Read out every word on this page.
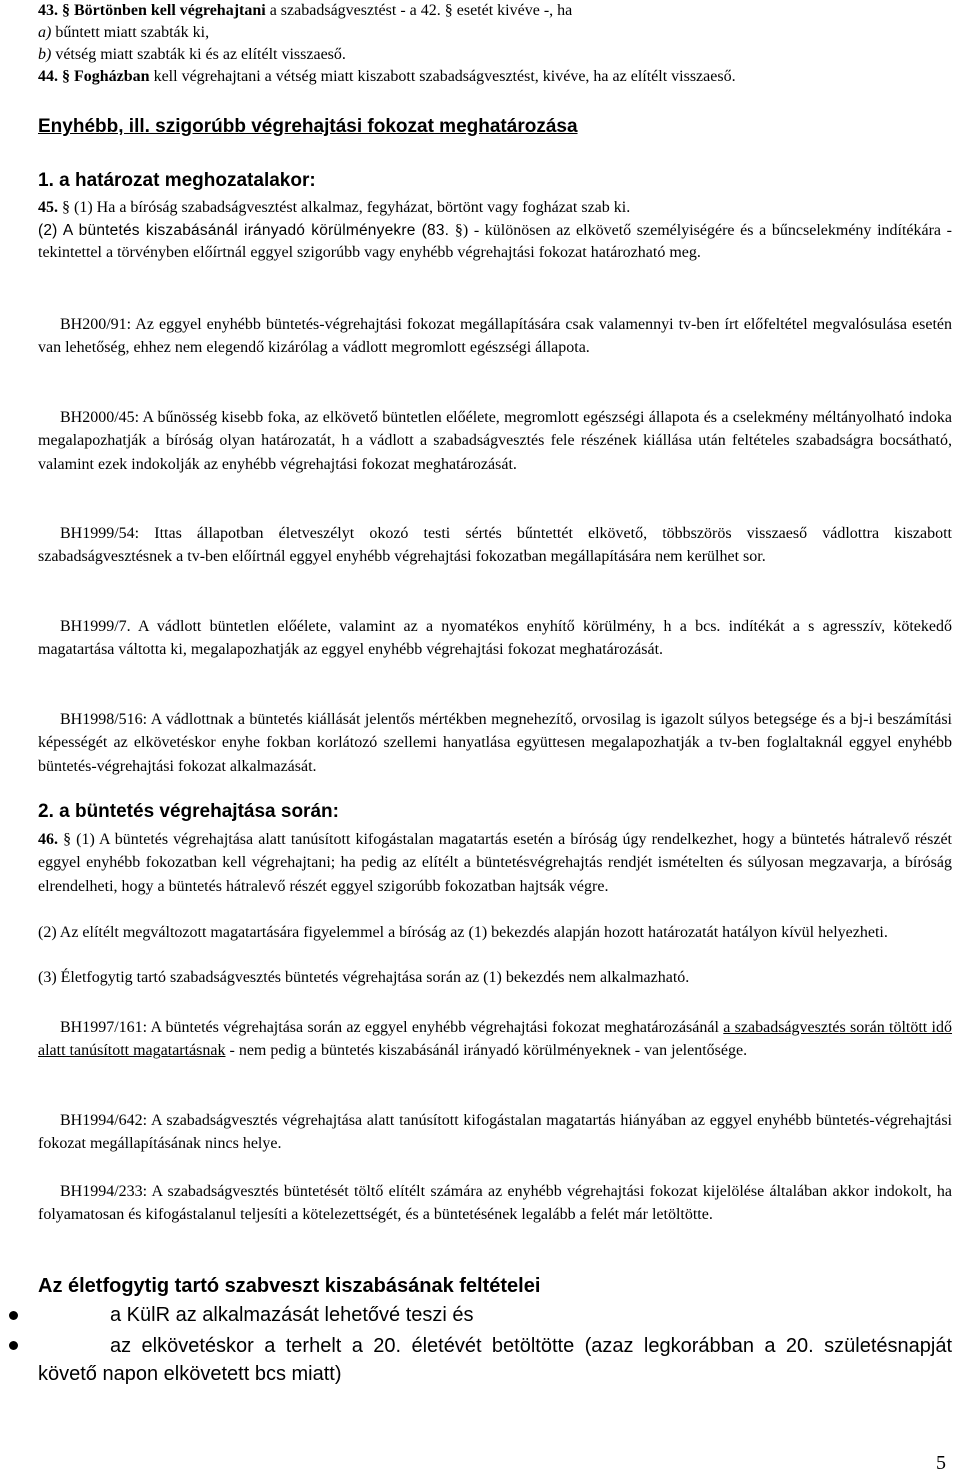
43. § Börtönben kell végrehajtani a szabadságvesztést - a 42. § esetét kivéve -, ha
a) bűntett miatt szabták ki,
b) vétség miatt szabták ki és az elítélt visszaeső.
44. § Fogházban kell végrehajtani a vétség miatt kiszabott szabadságvesztést, kivéve, ha az elítélt visszaeső.
Enyhébb, ill. szigorúbb végrehajtási fokozat meghatározása
1. a határozat meghozatalakor:
45. § (1) Ha a bíróság szabadságvesztést alkalmaz, fegyházat, börtönt vagy fogházat szab ki.
(2) A büntetés kiszabásánál irányadó körülményekre (83. §) - különösen az elkövető személyiségére és a bűncselekmény indítékára - tekintettel a törvényben előírtnál eggyel szigorúbb vagy enyhébb végrehajtási fokozat határozható meg.
BH200/91: Az eggyel enyhébb büntetés-végrehajtási fokozat megállapítására csak valamennyi tv-ben írt előfeltétel megvalósulása esetén van lehetőség, ehhez nem elegendő kizárólag a vádlott megromlott egészségi állapota.
BH2000/45: A bűnösség kisebb foka, az elkövető büntetlen előélete, megromlott egészségi állapota és a cselekmény méltányolható indoka megalapozhatják a bíróság olyan határozatát, h a vádlott a szabadságvesztés fele részének kiállása után feltételes szabadságra bocsátható, valamint ezek indokolják az enyhébb végrehajtási fokozat meghatározását.
BH1999/54: Ittas állapotban életveszélyt okozó testi sértés bűntettét elkövető, többszörös visszaeső vádlottra kiszabott szabadságvesztésnek a tv-ben előírtnál eggyel enyhébb végrehajtási fokozatban megállapítására nem kerülhet sor.
BH1999/7. A vádlott büntetlen előélete, valamint az a nyomatékos enyhítő körülmény, h a bcs. indítékát a s agresszív, kötekedő magatartása váltotta ki, megalapozhatják az eggyel enyhébb végrehajtási fokozat meghatározását.
BH1998/516: A vádlottnak a büntetés kiállását jelentős mértékben megnehezítő, orvosilag is igazolt súlyos betegsége és a bj-i beszámítási képességét az elkövetéskor enyhe fokban korlátozó szellemi hanyatlása együttesen megalapozhatják a tv-ben foglaltaknál eggyel enyhébb büntetés-végrehajtási fokozat alkalmazását.
2. a büntetés végrehajtása során:
46. § (1) A büntetés végrehajtása alatt tanúsított kifogástalan magatartás esetén a bíróság úgy rendelkezhet, hogy a büntetés hátralevő részét eggyel enyhébb fokozatban kell végrehajtani; ha pedig az elítélt a büntetésvégrehajtás rendjét ismételten és súlyosan megzavarja, a bíróság elrendelheti, hogy a büntetés hátralevő részét eggyel szigorúbb fokozatban hajtsák végre.
(2) Az elítélt megváltozott magatartására figyelemmel a bíróság az (1) bekezdés alapján hozott határozatát hatályon kívül helyezheti.
(3) Életfogytig tartó szabadságvesztés büntetés végrehajtása során az (1) bekezdés nem alkalmazható.
BH1997/161: A büntetés végrehajtása során az eggyel enyhébb végrehajtási fokozat meghatározásánál a szabadságvesztés során töltött idő alatt tanúsított magatartásnak - nem pedig a büntetés kiszabásánál irányadó körülményeknek - van jelentősége.
BH1994/642: A szabadságvesztés végrehajtása alatt tanúsított kifogástalan magatartás hiányában az eggyel enyhébb büntetés-végrehajtási fokozat megállapításának nincs helye.
BH1994/233: A szabadságvesztés büntetését töltő elítélt számára az enyhébb végrehajtási fokozat kijelölése általában akkor indokolt, ha folyamatosan és kifogástalanul teljesíti a kötelezettségét, és a büntetésének legalább a felét már letöltötte.
Az életfogytig tartó szabveszt kiszabásának feltételei
a KülR az alkalmazását lehetővé teszi és
az elkövetéskor a terhelt a 20. életévét betöltötte (azaz legkorábban a 20. születésnapját követő napon elkövetett bcs miatt)
5
